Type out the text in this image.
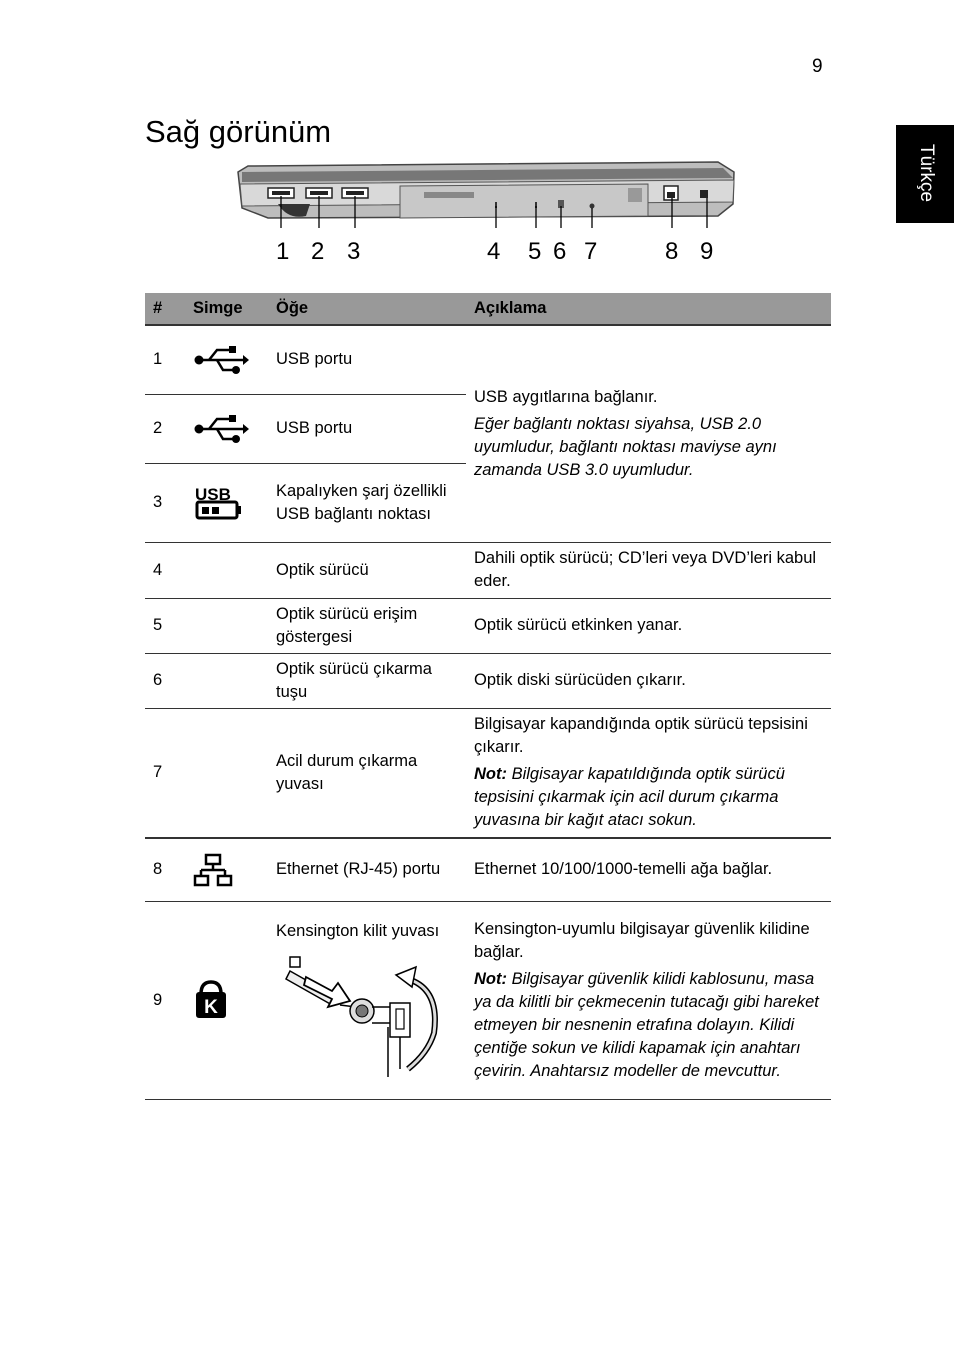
9
Türkçe
Sağ görünüm
1 2 3	4 5 6 7	8 9
#	Simge	Öğe	Açıklama
1		USB portu	USB aygıtlarına bağlanır.

Eğer bağlantı noktası siyahsa, USB 2.0 uyumludur, bağlantı noktası maviyse aynı zamanda USB 3.0 uyumludur.

2		USB portu	
3	USB	Kapalıyken şarj özellikli USB bağlantı noktası	
4		Optik sürücü	Dahili optik sürücü; CD’leri veya DVD’leri kabul eder.
5		Optik sürücü erişim göstergesi	Optik sürücü etkinken yanar.
6		Optik sürücü çıkarma tuşu	Optik diski sürücüden çıkarır.
7		Acil durum çıkarma yuvası	Bilgisayar kapandığında optik sürücü tepsisini çıkarır.

Not: Bilgisayar kapatıldığında optik sürücü tepsisini çıkarmak için acil durum çıkarma yuvasına bir kağıt atacı sokun.

8		Ethernet (RJ-45) portu	Ethernet 10/100/1000-temelli ağa bağlar.
9	K	Kensington kilit yuvası	Kensington-uyumlu bilgisayar güvenlik kilidine bağlar.

Not: Bilgisayar güvenlik kilidi kablosunu, masa ya da kilitli bir çekmecenin tutacağı gibi hareket etmeyen bir nesnenin etrafına dolayın. Kilidi çentiğe sokun ve kilidi kapamak için anahtarı çevirin. Anahtarsız modeller de mevcuttur.
